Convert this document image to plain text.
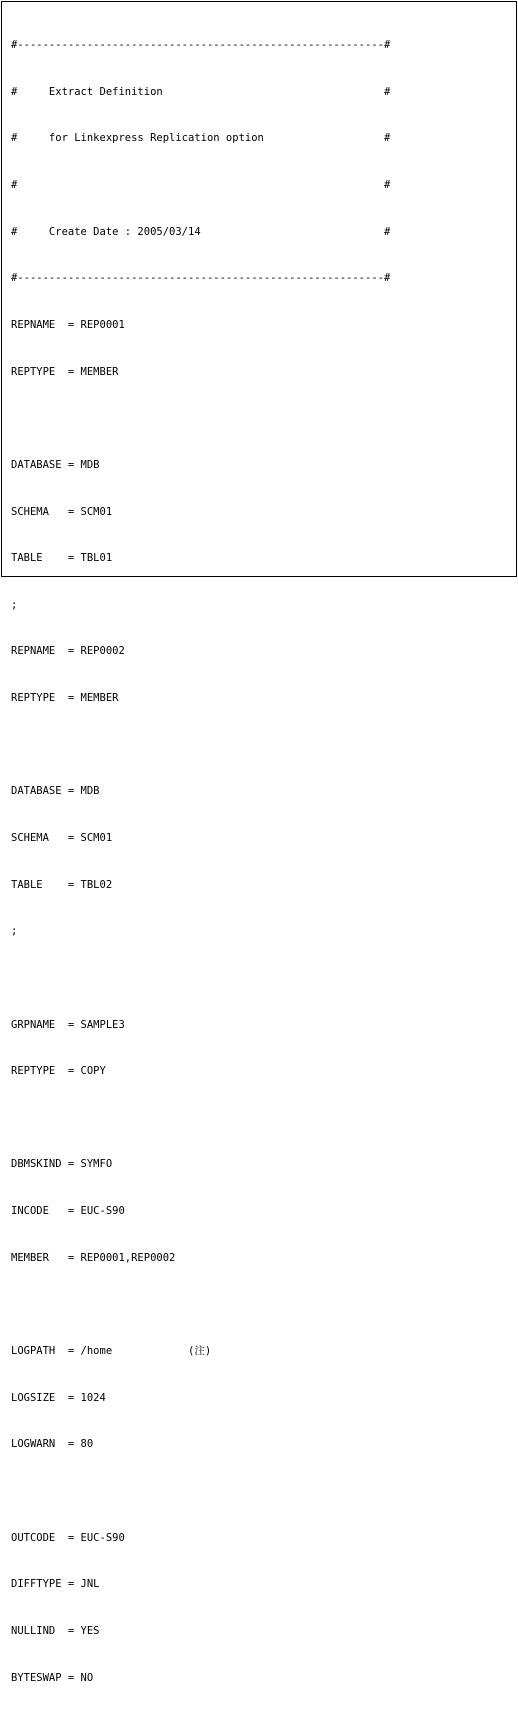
#----------------------------------------------------------#

#     Extract Definition                                   #

#     for Linkexpress Replication option                   #

#                                                          #

#     Create Date : 2005/03/14                             #

#----------------------------------------------------------#

REPNAME  = REP0001

REPTYPE  = MEMBER

DATABASE = MDB

SCHEMA   = SCM01

TABLE    = TBL01

;

REPNAME  = REP0002

REPTYPE  = MEMBER

DATABASE = MDB

SCHEMA   = SCM01

TABLE    = TBL02

;

GRPNAME  = SAMPLE3

REPTYPE  = COPY

DBMSKIND = SYMFO

INCODE   = EUC-S90

MEMBER   = REP0001,REP0002

LOGPATH  = /home            (注)

LOGSIZE  = 1024

LOGWARN  = 80

OUTCODE  = EUC-S90

DIFFTYPE = JNL

NULLIND  = YES

BYTESWAP = NO
